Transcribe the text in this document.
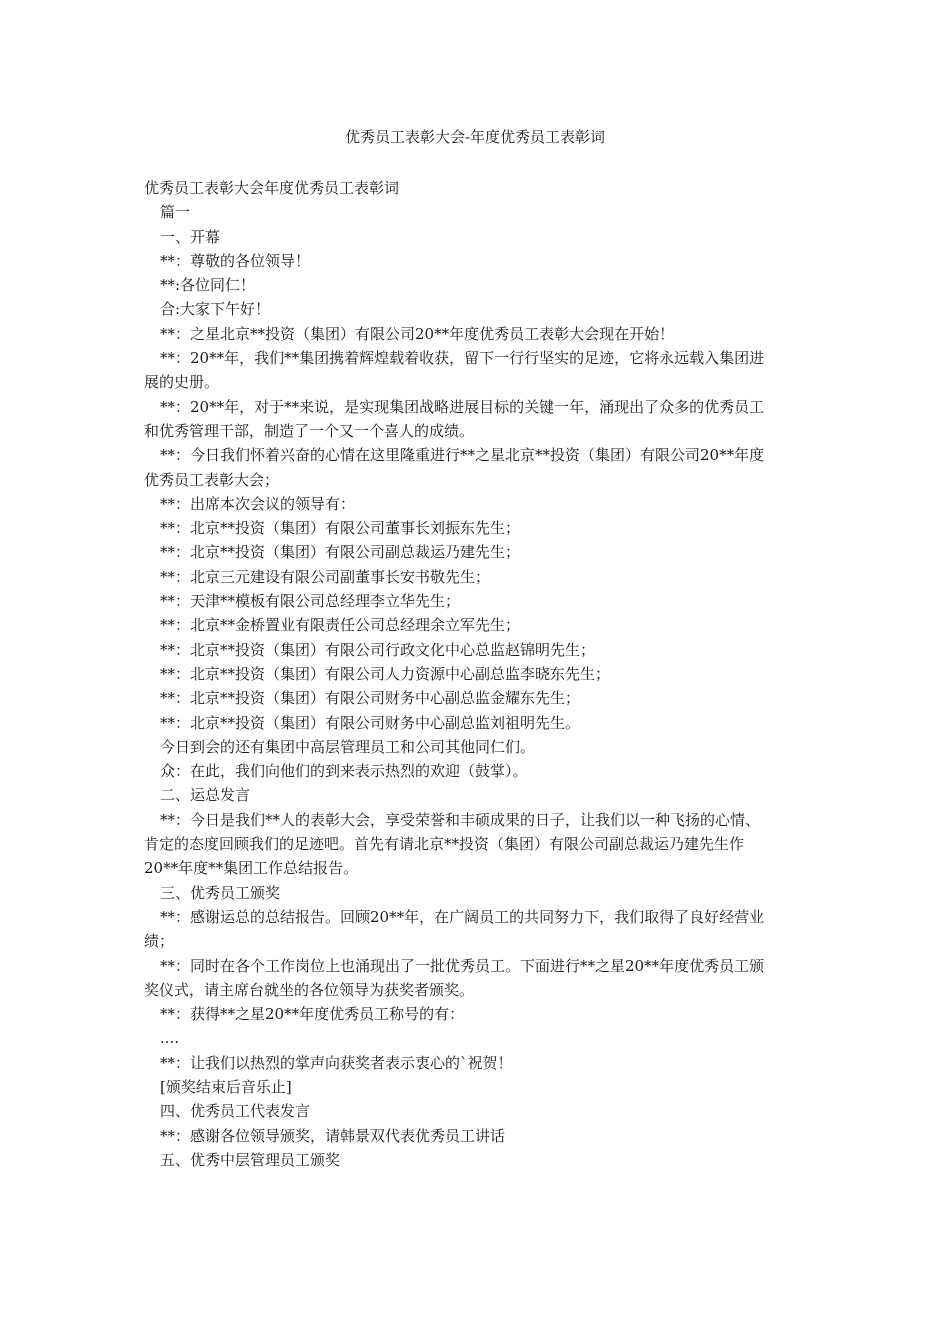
优秀员工表彰大会-年度优秀员工表彰词

优秀员工表彰大会年度优秀员工表彰词

篇一

一、开幕

**：尊敬的各位领导！

**:各位同仁！

合:大家下午好！

**：之星北京**投资（集团）有限公司20**年度优秀员工表彰大会现在开始！

**：20**年，我们**集团携着辉煌载着收获，留下一行行坚实的足迹，它将永远载入集团进

展的史册。

**：20**年，对于**来说，是实现集团战略进展目标的关键一年，涌现出了众多的优秀员工

和优秀管理干部，制造了一个又一个喜人的成绩。

**：今日我们怀着兴奋的心情在这里隆重进行**之星北京**投资（集团）有限公司20**年度

优秀员工表彰大会；

**：出席本次会议的领导有：

**：北京**投资（集团）有限公司董事长刘振东先生；

**：北京**投资（集团）有限公司副总裁运乃建先生；

**：北京三元建设有限公司副董事长安书敬先生；

**：天津**模板有限公司总经理李立华先生；

**：北京**金桥置业有限责任公司总经理余立军先生；

**：北京**投资（集团）有限公司行政文化中心总监赵锦明先生；

**：北京**投资（集团）有限公司人力资源中心副总监李晓东先生；

**：北京**投资（集团）有限公司财务中心副总监金耀东先生；

**：北京**投资（集团）有限公司财务中心副总监刘祖明先生。

今日到会的还有集团中高层管理员工和公司其他同仁们。

众：在此，我们向他们的到来表示热烈的欢迎（鼓掌）。

二、运总发言

**：今日是我们**人的表彰大会，享受荣誉和丰硕成果的日子，让我们以一种飞扬的心情、

肯定的态度回顾我们的足迹吧。首先有请北京**投资（集团）有限公司副总裁运乃建先生作

20**年度**集团工作总结报告。

三、优秀员工颁奖

**：感谢运总的总结报告。回顾20**年，在广阔员工的共同努力下，我们取得了良好经营业

绩；

**：同时在各个工作岗位上也涌现出了一批优秀员工。下面进行**之星20**年度优秀员工颁

奖仪式，请主席台就坐的各位领导为获奖者颁奖。

**：获得**之星20**年度优秀员工称号的有：

....

**：让我们以热烈的掌声向获奖者表示衷心的`祝贺！

[颁奖结束后音乐止]

四、优秀员工代表发言

**：感谢各位领导颁奖，请韩景双代表优秀员工讲话

五、优秀中层管理员工颁奖
